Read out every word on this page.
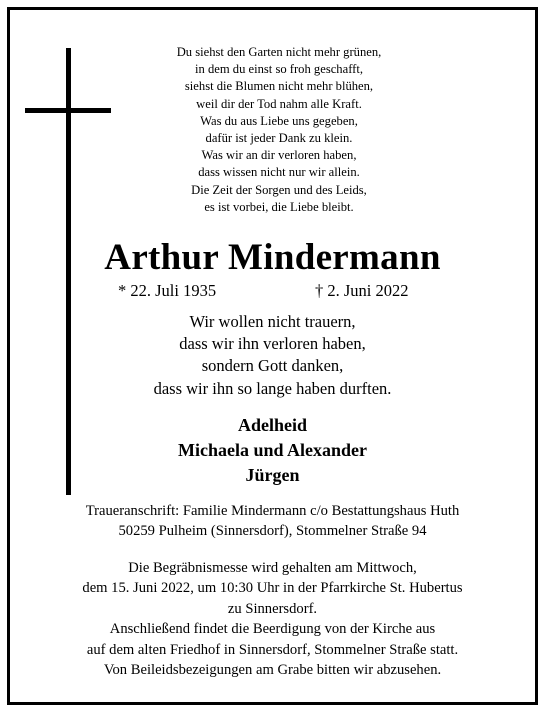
Du siehst den Garten nicht mehr grünen,
in dem du einst so froh geschafft,
siehst die Blumen nicht mehr blühen,
weil dir der Tod nahm alle Kraft.
Was du aus Liebe uns gegeben,
dafür ist jeder Dank zu klein.
Was wir an dir verloren haben,
dass wissen nicht nur wir allein.
Die Zeit der Sorgen und des Leids,
es ist vorbei, die Liebe bleibt.
Arthur Mindermann
* 22. Juli 1935	† 2. Juni 2022
Wir wollen nicht trauern,
dass wir ihn verloren haben,
sondern Gott danken,
dass wir ihn so lange haben durften.
Adelheid
Michaela und Alexander
Jürgen
Traueranschrift: Familie Mindermann c/o Bestattungshaus Huth
50259 Pulheim (Sinnersdorf), Stommelner Straße 94
Die Begräbnismesse wird gehalten am Mittwoch,
dem 15. Juni 2022, um 10:30 Uhr in der Pfarrkirche St. Hubertus
zu Sinnersdorf.
Anschließend findet die Beerdigung von der Kirche aus
auf dem alten Friedhof in Sinnersdorf, Stommelner Straße statt.
Von Beileidsbezeigungen am Grabe bitten wir abzusehen.
